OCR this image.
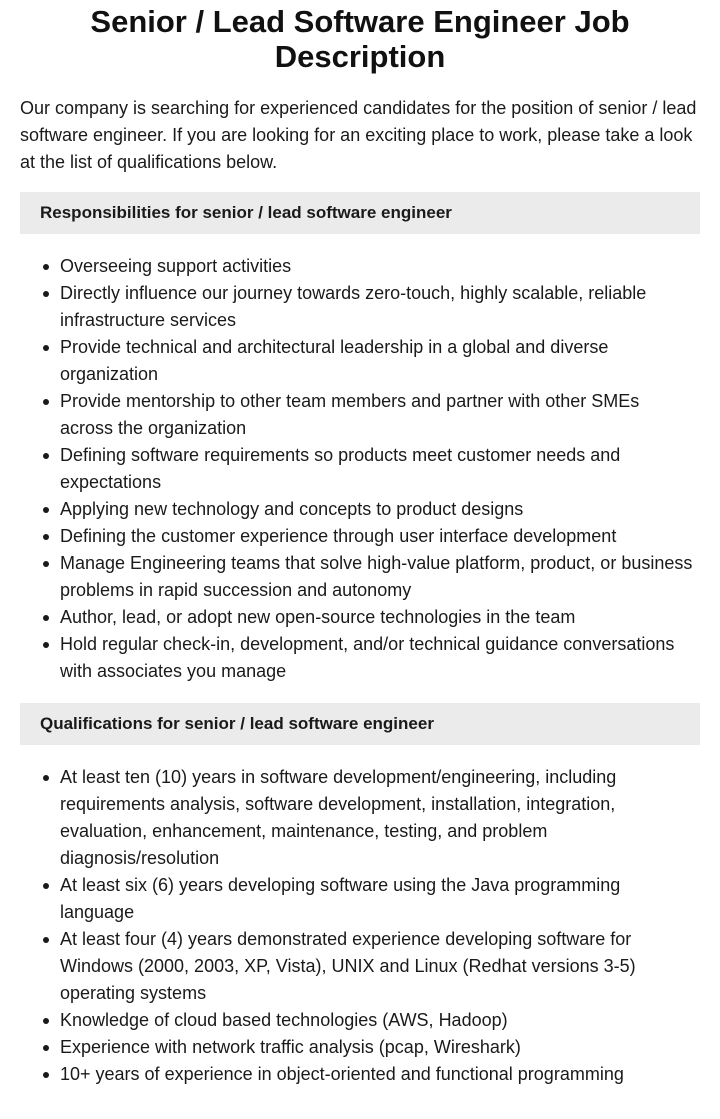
Senior / Lead Software Engineer Job Description

Our company is searching for experienced candidates for the position of senior / lead software engineer. If you are looking for an exciting place to work, please take a look at the list of qualifications below.

Responsibilities for senior / lead software engineer
Overseeing support activities
Directly influence our journey towards zero-touch, highly scalable, reliable infrastructure services
Provide technical and architectural leadership in a global and diverse organization
Provide mentorship to other team members and partner with other SMEs across the organization
Defining software requirements so products meet customer needs and expectations
Applying new technology and concepts to product designs
Defining the customer experience through user interface development
Manage Engineering teams that solve high-value platform, product, or business problems in rapid succession and autonomy
Author, lead, or adopt new open-source technologies in the team
Hold regular check-in, development, and/or technical guidance conversations with associates you manage
Qualifications for senior / lead software engineer
At least ten (10) years in software development/engineering, including requirements analysis, software development, installation, integration, evaluation, enhancement, maintenance, testing, and problem diagnosis/resolution
At least six (6) years developing software using the Java programming language
At least four (4) years demonstrated experience developing software for Windows (2000, 2003, XP, Vista), UNIX and Linux (Redhat versions 3-5) operating systems
Knowledge of cloud based technologies (AWS, Hadoop)
Experience with network traffic analysis (pcap, Wireshark)
10+ years of experience in object-oriented and functional programming
